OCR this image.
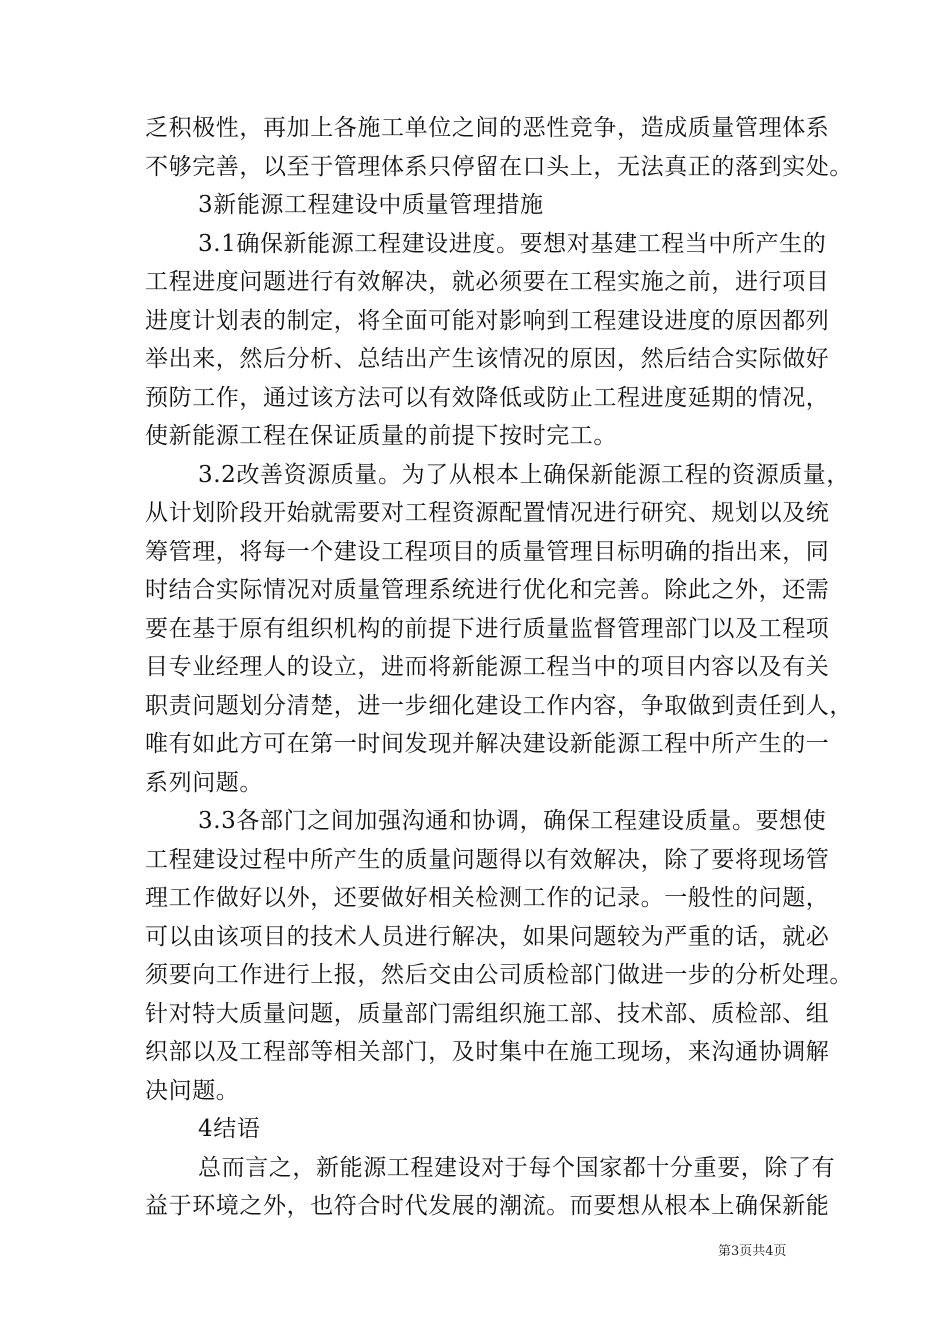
乏积极性，再加上各施工单位之间的恶性竞争，造成质量管理体系
不够完善，以至于管理体系只停留在口头上，无法真正的落到实处。
3新能源工程建设中质量管理措施
3.1确保新能源工程建设进度。要想对基建工程当中所产生的
工程进度问题进行有效解决，就必须要在工程实施之前，进行项目
进度计划表的制定，将全面可能对影响到工程建设进度的原因都列
举出来，然后分析、总结出产生该情况的原因，然后结合实际做好
预防工作，通过该方法可以有效降低或防止工程进度延期的情况，
使新能源工程在保证质量的前提下按时完工。
3.2改善资源质量。为了从根本上确保新能源工程的资源质量，
从计划阶段开始就需要对工程资源配置情况进行研究、规划以及统
筹管理，将每一个建设工程项目的质量管理目标明确的指出来，同
时结合实际情况对质量管理系统进行优化和完善。除此之外，还需
要在基于原有组织机构的前提下进行质量监督管理部门以及工程项
目专业经理人的设立，进而将新能源工程当中的项目内容以及有关
职责问题划分清楚，进一步细化建设工作内容，争取做到责任到人，
唯有如此方可在第一时间发现并解决建设新能源工程中所产生的一
系列问题。
3.3各部门之间加强沟通和协调，确保工程建设质量。要想使
工程建设过程中所产生的质量问题得以有效解决，除了要将现场管
理工作做好以外，还要做好相关检测工作的记录。一般性的问题，
可以由该项目的技术人员进行解决，如果问题较为严重的话，就必
须要向工作进行上报，然后交由公司质检部门做进一步的分析处理。
针对特大质量问题，质量部门需组织施工部、技术部、质检部、组
织部以及工程部等相关部门，及时集中在施工现场，来沟通协调解
决问题。
4结语
总而言之，新能源工程建设对于每个国家都十分重要，除了有
益于环境之外，也符合时代发展的潮流。而要想从根本上确保新能
第3页共4页
